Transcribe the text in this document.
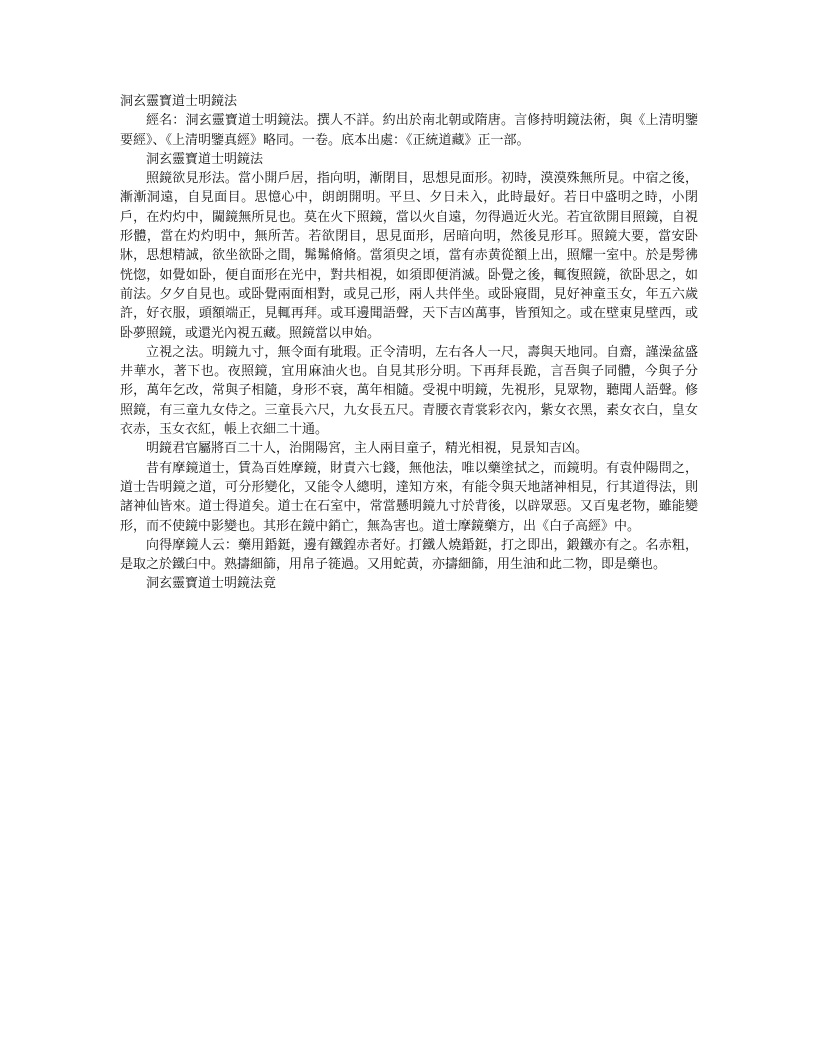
洞玄靈寶道士明鏡法

經名：洞玄靈寶道士明鏡法。撰人不詳。約出於南北朝或隋唐。言修持明鏡法術，與《上清明鑒要經》、《上清明鑒真經》略同。一卷。底本出處：《正統道藏》正一部。

洞玄靈寶道士明鏡法

照鏡欲見形法。當小開戶居，指向明，漸閉目，思想見面形。初時，漠漠殊無所見。中宿之後，漸漸洞遠，自見面目。思憶心中，朗朗開明。平旦、夕日未入，此時最好。若日中盛明之時，小閉戶，在灼灼中，闚鏡無所見也。莫在火下照鏡，當以火自遠，勿得過近火光。若宜欲開目照鏡，自視形體，當在灼灼明中，無所苦。若欲閉目，思見面形，居暗向明，然後見形耳。照鏡大要，當安卧牀，思想精誠，欲坐欲卧之間，髴髴脩脩。當須臾之頃，當有赤黄從額上出，照耀一室中。於是髣彿恍惚，如覺如卧，便自面形在光中，對共相視，如須即便消滅。卧覺之後，輒復照鏡，欲卧思之，如前法。夕夕自見也。或卧覺兩面相對，或見己形，兩人共伴坐。或卧寢間，見好神童玉女，年五六歲許，好衣服，頭額端正，見輒再拜。或耳邊聞語聲，天下吉凶萬事，皆預知之。或在壁東見壁西，或卧夢照鏡，或還光內視五藏。照鏡當以申始。

立視之法。明鏡九寸，無令面有玼瑕。正令清明，左右各人一尺，壽與天地同。自齋，謹澡盆盛井華水，著下也。夜照鏡，宜用麻油火也。自見其形分明。下再拜長跪，言吾與子同體，今與子分形，萬年乞改，常與子相隨，身形不衰，萬年相隨。受視中明鏡，先視形，見眾物，聽聞人語聲。修照鏡，有三童九女侍之。三童長六尺，九女長五尺。青腰衣青裳彩衣內，紫女衣黑，素女衣白，皇女衣赤，玉女衣紅，帳上衣細二十通。

明鏡君官屬將百二十人，治開陽宮，主人兩目童子，精光相視，見景知吉凶。

昔有摩鏡道士，賃為百姓摩鏡，財責六七錢，無他法，唯以藥塗拭之，而鏡明。有袁仲陽問之，道士告明鏡之道，可分形變化，又能令人總明，達知方來，有能令與天地諸神相見，行其道得法，則諸神仙皆來。道士得道矣。道士在石室中，常當懸明鏡九寸於背後，以辟眾惡。又百鬼老物，雖能變形，而不使鏡中影變也。其形在鏡中銷亡，無為害也。道士摩鏡藥方，出《白子高經》中。

向得摩鏡人云：藥用錉鋌，邊有鐵鍠赤者好。打鐵人燒錉鋌，打之即出，鍛鐵亦有之。名赤粗，是取之於鐵臼中。熟擣細篩，用帛子簁過。又用蛇黃，亦擣細篩，用生油和此二物，即是藥也。

洞玄靈寶道士明鏡法竟
